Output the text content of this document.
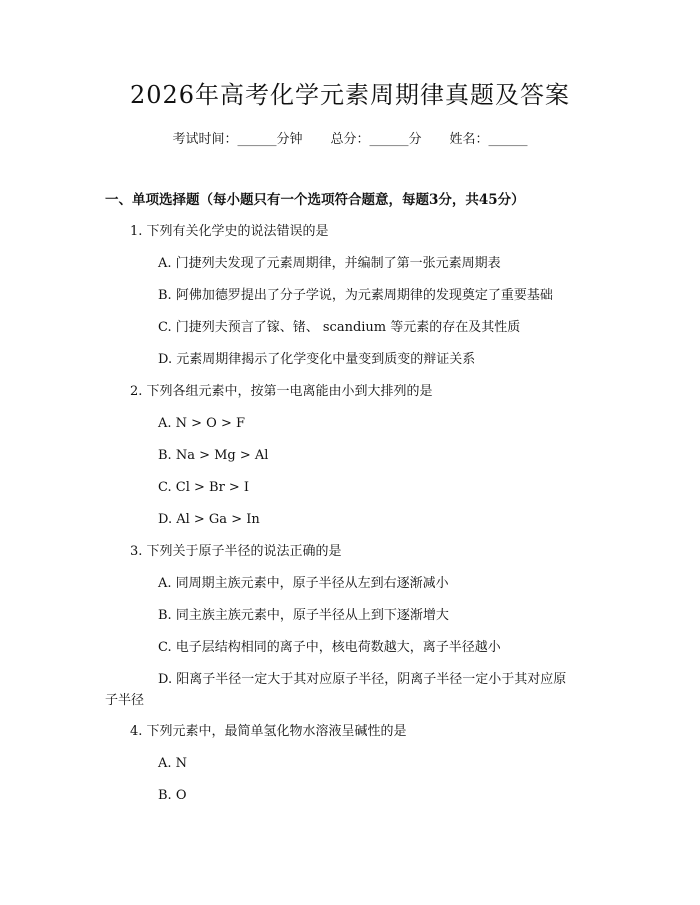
2026年高考化学元素周期律真题及答案
考试时间：______分钟 总分：______分 姓名：______
一、单项选择题（每小题只有一个选项符合题意，每题3分，共45分）
1. 下列有关化学史的说法错误的是
A. 门捷列夫发现了元素周期律，并编制了第一张元素周期表
B. 阿佛加德罗提出了分子学说，为元素周期律的发现奠定了重要基础
C. 门捷列夫预言了镓、锗、 scandium 等元素的存在及其性质
D. 元素周期律揭示了化学变化中量变到质变的辩证关系
2. 下列各组元素中，按第一电离能由小到大排列的是
A. N > O > F
B. Na > Mg > Al
C. Cl > Br > I
D. Al > Ga > In
3. 下列关于原子半径的说法正确的是
A. 同周期主族元素中，原子半径从左到右逐渐减小
B. 同主族主族元素中，原子半径从上到下逐渐增大
C. 电子层结构相同的离子中，核电荷数越大，离子半径越小
D. 阳离子半径一定大于其对应原子半径，阴离子半径一定小于其对应原
子半径
4. 下列元素中，最简单氢化物水溶液呈碱性的是
A. N
B. O
